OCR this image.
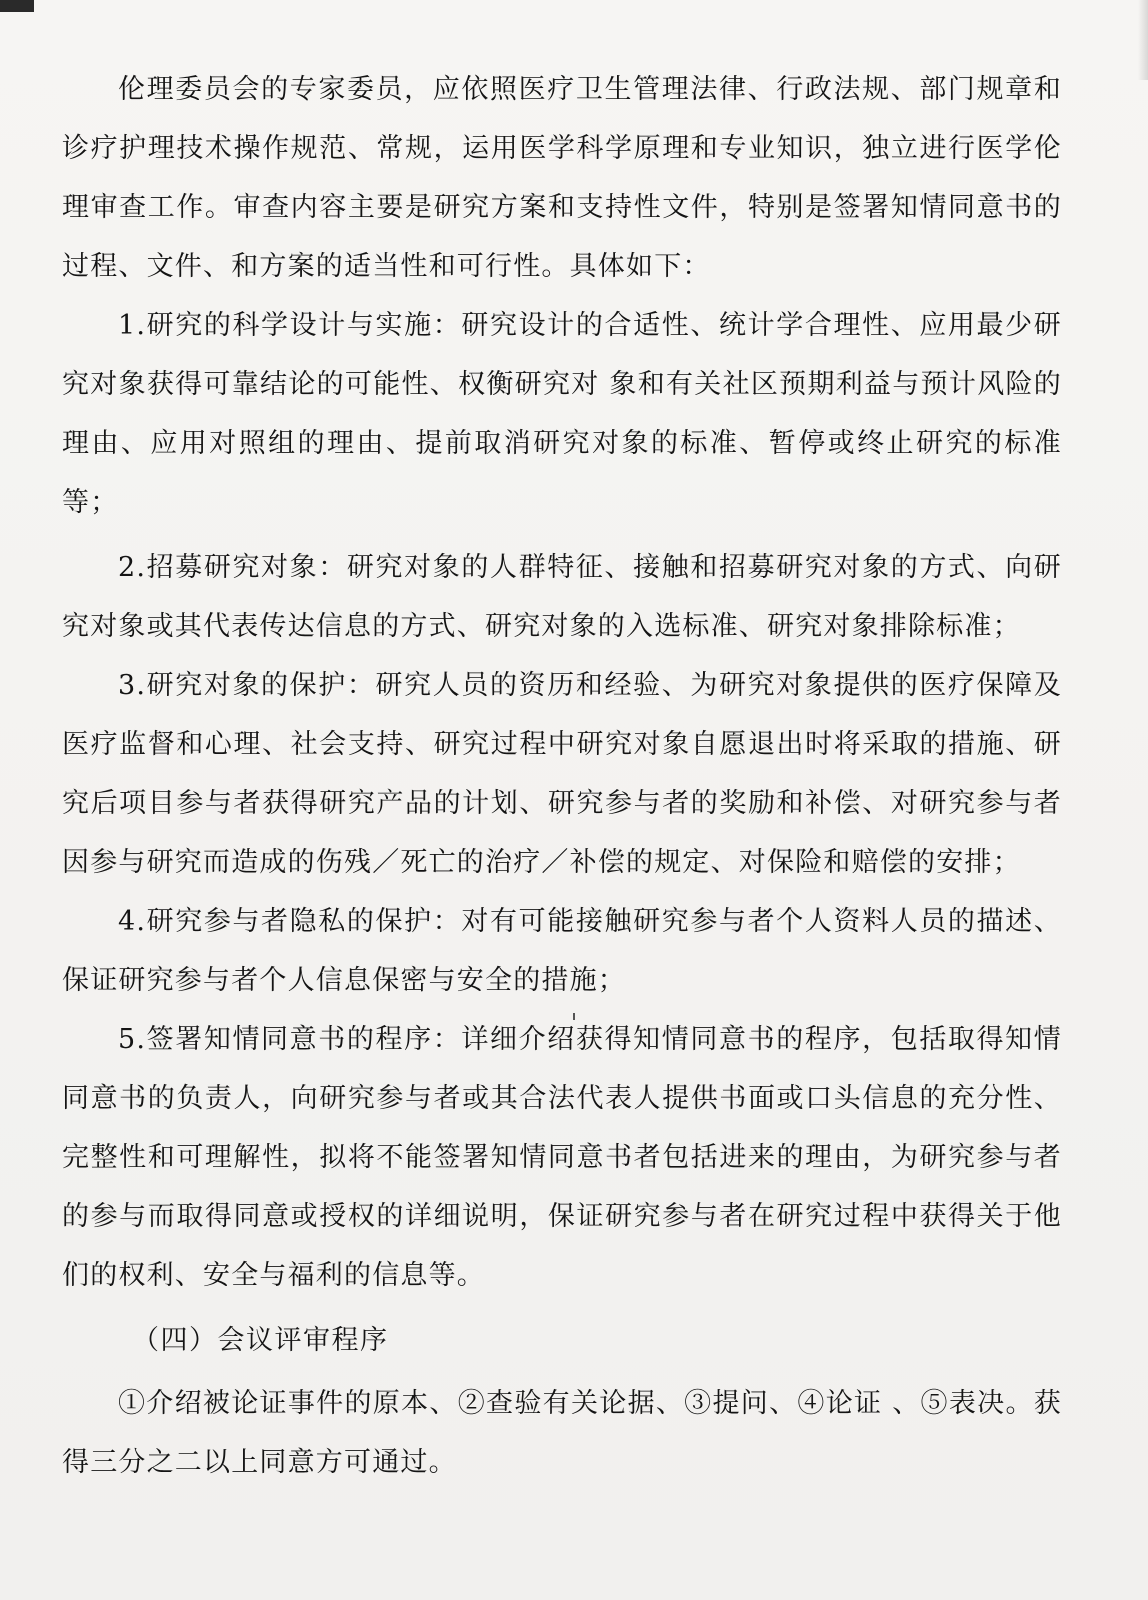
伦理委员会的专家委员，应依照医疗卫生管理法律、行政法规、部门规章和诊疗护理技术操作规范、常规，运用医学科学原理和专业知识，独立进行医学伦理审查工作。审查内容主要是研究方案和支持性文件，特别是签署知情同意书的过程、文件、和方案的适当性和可行性。具体如下：

1.研究的科学设计与实施：研究设计的合适性、统计学合理性、应用最少研究对象获得可靠结论的可能性、权衡研究对 象和有关社区预期利益与预计风险的理由、应用对照组的理由、提前取消研究对象的标准、暂停或终止研究的标准等；

2.招募研究对象：研究对象的人群特征、接触和招募研究对象的方式、向研究对象或其代表传达信息的方式、研究对象的入选标准、研究对象排除标准；

3.研究对象的保护：研究人员的资历和经验、为研究对象提供的医疗保障及医疗监督和心理、社会支持、研究过程中研究对象自愿退出时将采取的措施、研究后项目参与者获得研究产品的计划、研究参与者的奖励和补偿、对研究参与者因参与研究而造成的伤残／死亡的治疗／补偿的规定、对保险和赔偿的安排；

4.研究参与者隐私的保护：对有可能接触研究参与者个人资料人员的描述、保证研究参与者个人信息保密与安全的措施；

5.签署知情同意书的程序：详细介绍获得知情同意书的程序，包括取得知情同意书的负责人，向研究参与者或其合法代表人提供书面或口头信息的充分性、完整性和可理解性，拟将不能签署知情同意书者包括进来的理由，为研究参与者的参与而取得同意或授权的详细说明，保证研究参与者在研究过程中获得关于他们的权利、安全与福利的信息等。

（四）会议评审程序

①介绍被论证事件的原本、②查验有关论据、③提问、④论证 、⑤表决。获得三分之二以上同意方可通过。
